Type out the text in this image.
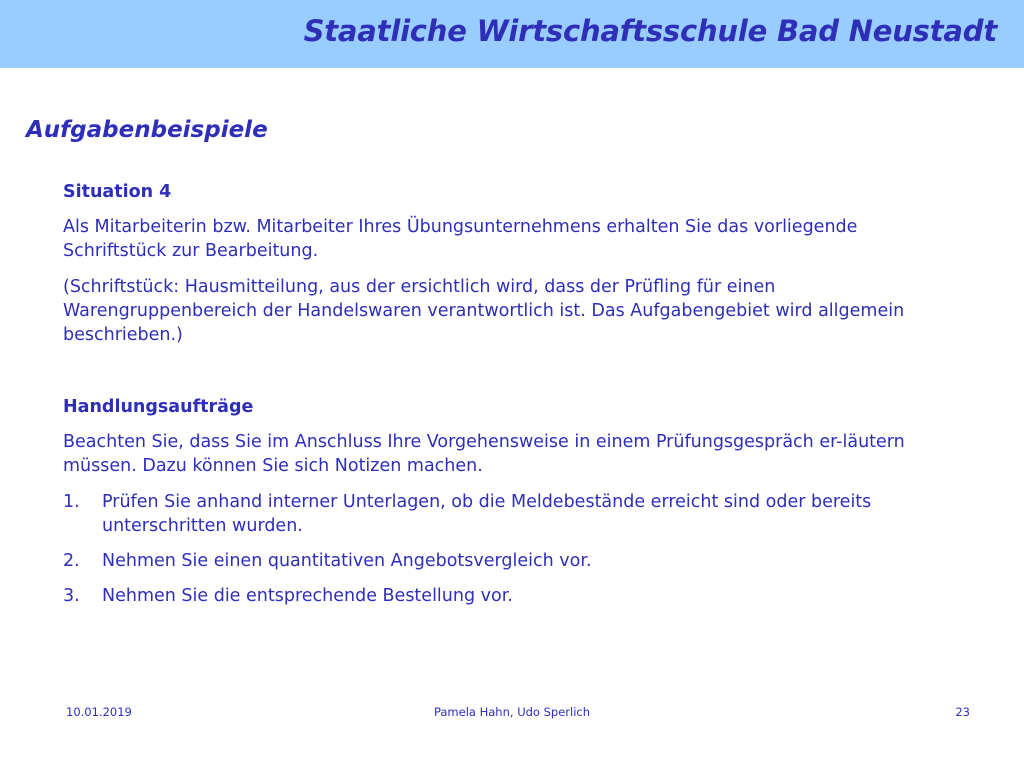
Staatliche Wirtschaftsschule Bad Neustadt
Aufgabenbeispiele

Situation 4

Als Mitarbeiterin bzw. Mitarbeiter Ihres Übungsunternehmens erhalten Sie das vorliegende Schriftstück zur Bearbeitung.

(Schriftstück: Hausmitteilung, aus der ersichtlich wird, dass der Prüfling für einen Warengruppenbereich der Handelswaren verantwortlich ist. Das Aufgabengebiet wird allgemein beschrieben.)

Handlungsaufträge

Beachten Sie, dass Sie im Anschluss Ihre Vorgehensweise in einem Prüfungsgespräch er-läutern müssen. Dazu können Sie sich Notizen machen.

1.	Prüfen Sie anhand interner Unterlagen, ob die Meldebestände erreicht sind oder bereits unterschritten wurden.
2.	Nehmen Sie einen quantitativen Angebotsvergleich vor.
3.	Nehmen Sie die entsprechende Bestellung vor.
10.01.2019	Pamela Hahn, Udo Sperlich	23
